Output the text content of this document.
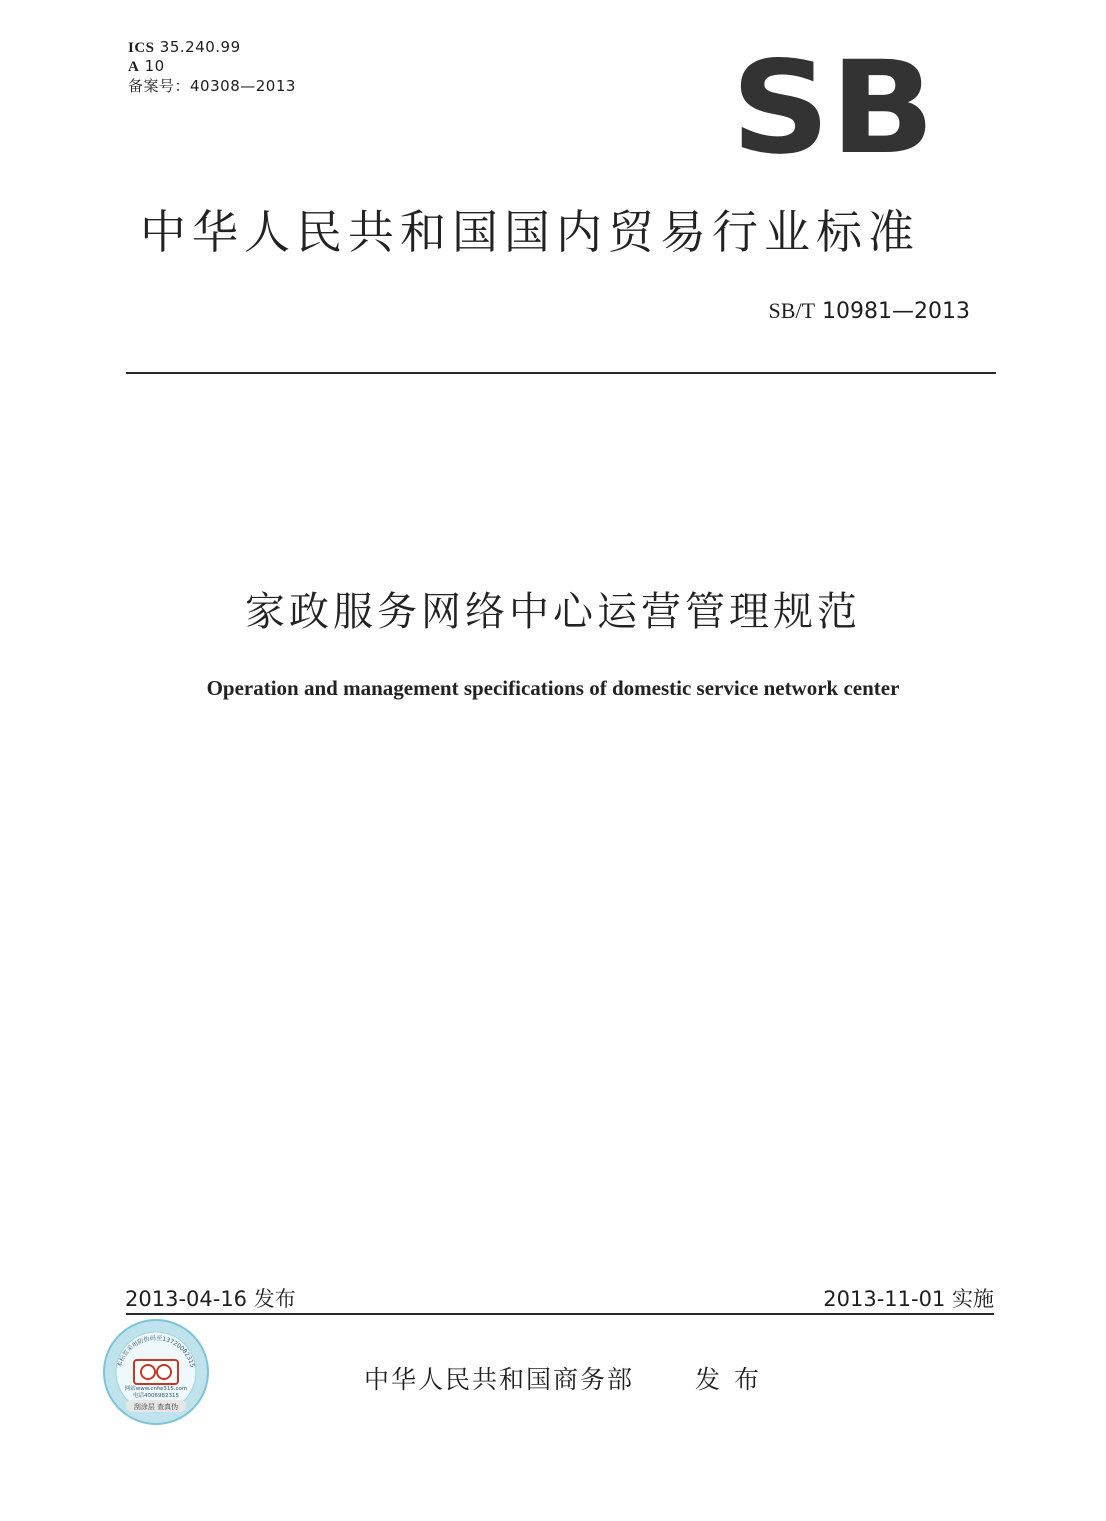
ICS 35.240.99
A 10
备案号：40308—2013	SB
中华人民共和国国内贸易行业标准
SB/T 10981—2013
家政服务网络中心运营管理规范
Operation and management specifications of domestic service network center
2013-04-16 发布	2013-11-01 实施
中华人民共和国商务部 发布
本标签采用防伪码至13720082315
网站www.cnfw315.com
电话4006982315
刮涂层 查真伪
